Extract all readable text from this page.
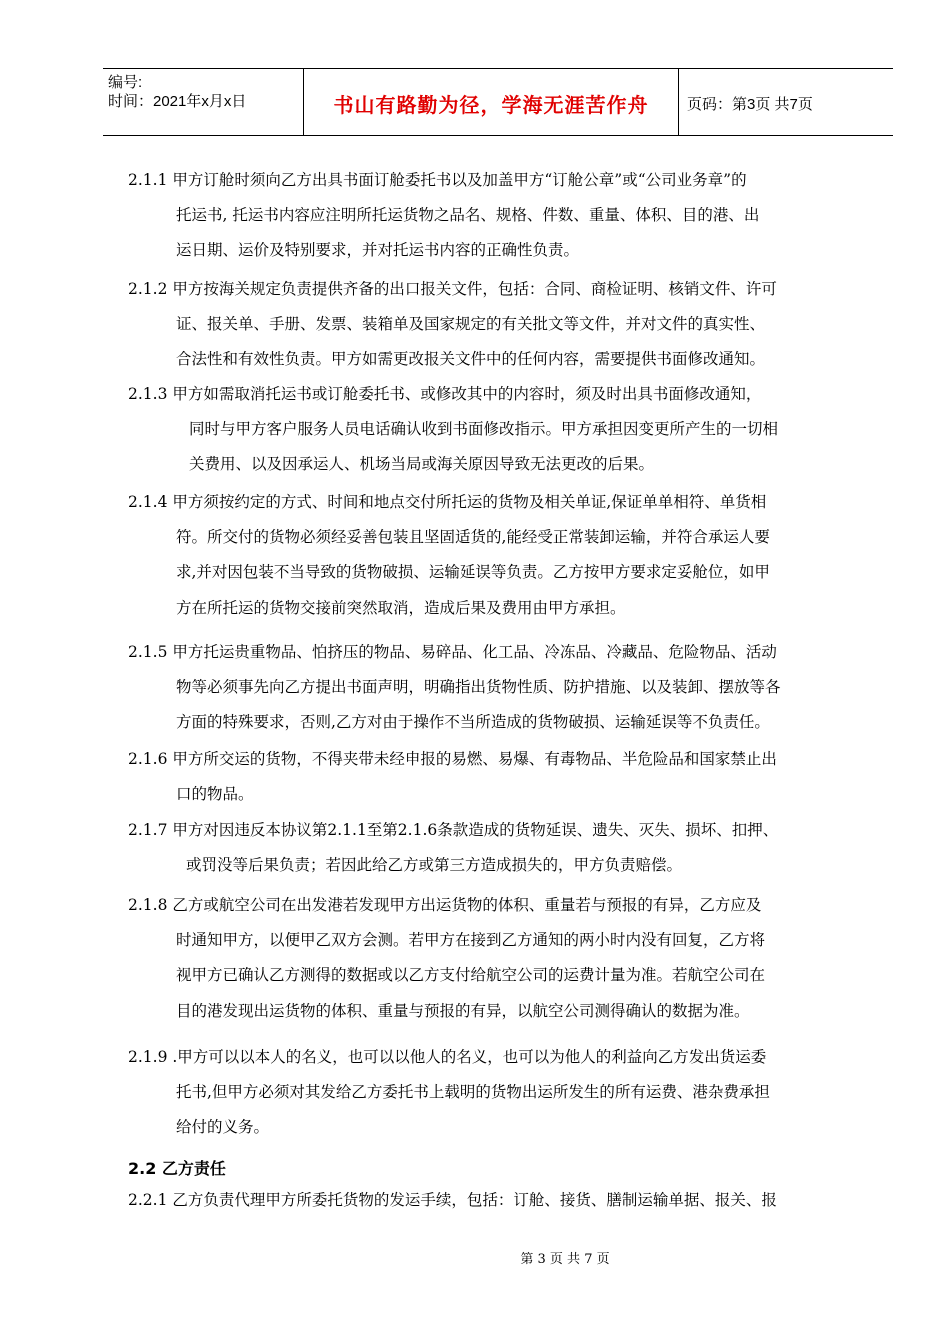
编号:
时间：2021年x月x日	书山有路勤为径，学海无涯苦作舟	页码：第3页 共7页
2.1.1 甲方订舱时须向乙方出具书面订舱委托书以及加盖甲方“订舱公章”或“公司业务章”的
托运书, 托运书内容应注明所托运货物之品名、规格、件数、重量、体积、目的港、出
运日期、运价及特别要求，并对托运书内容的正确性负责。
2.1.2 甲方按海关规定负责提供齐备的出口报关文件，包括：合同、商检证明、核销文件、许可
证、报关单、手册、发票、装箱单及国家规定的有关批文等文件，并对文件的真实性、
合法性和有效性负责。甲方如需更改报关文件中的任何内容，需要提供书面修改通知。
2.1.3 甲方如需取消托运书或订舱委托书、或修改其中的内容时，须及时出具书面修改通知，
同时与甲方客户服务人员电话确认收到书面修改指示。甲方承担因变更所产生的一切相
关费用、以及因承运人、机场当局或海关原因导致无法更改的后果。
2.1.4 甲方须按约定的方式、时间和地点交付所托运的货物及相关单证,保证单单相符、单货相
符。所交付的货物必须经妥善包装且坚固适货的,能经受正常装卸运输，并符合承运人要
求,并对因包装不当导致的货物破损、运输延误等负责。乙方按甲方要求定妥舱位，如甲
方在所托运的货物交接前突然取消，造成后果及费用由甲方承担。
2.1.5 甲方托运贵重物品、怕挤压的物品、易碎品、化工品、冷冻品、冷藏品、危险物品、活动
物等必须事先向乙方提出书面声明，明确指出货物性质、防护措施、以及装卸、摆放等各
方面的特殊要求，否则,乙方对由于操作不当所造成的货物破损、运输延误等不负责任。
2.1.6 甲方所交运的货物，不得夹带未经申报的易燃、易爆、有毒物品、半危险品和国家禁止出
口的物品。
2.1.7 甲方对因违反本协议第2.1.1至第2.1.6条款造成的货物延误、遗失、灭失、损坏、扣押、
或罚没等后果负责；若因此给乙方或第三方造成损失的，甲方负责赔偿。
2.1.8 乙方或航空公司在出发港若发现甲方出运货物的体积、重量若与预报的有异，乙方应及
时通知甲方，以便甲乙双方会测。若甲方在接到乙方通知的两小时内没有回复，乙方将
视甲方已确认乙方测得的数据或以乙方支付给航空公司的运费计量为准。若航空公司在
目的港发现出运货物的体积、重量与预报的有异，以航空公司测得确认的数据为准。
2.1.9 .甲方可以以本人的名义，也可以以他人的名义，也可以为他人的利益向乙方发出货运委
托书,但甲方必须对其发给乙方委托书上载明的货物出运所发生的所有运费、港杂费承担
给付的义务。
2.2 乙方责任
2.2.1 乙方负责代理甲方所委托货物的发运手续，包括：订舱、接货、膳制运输单据、报关、报
第 3 页 共 7 页
